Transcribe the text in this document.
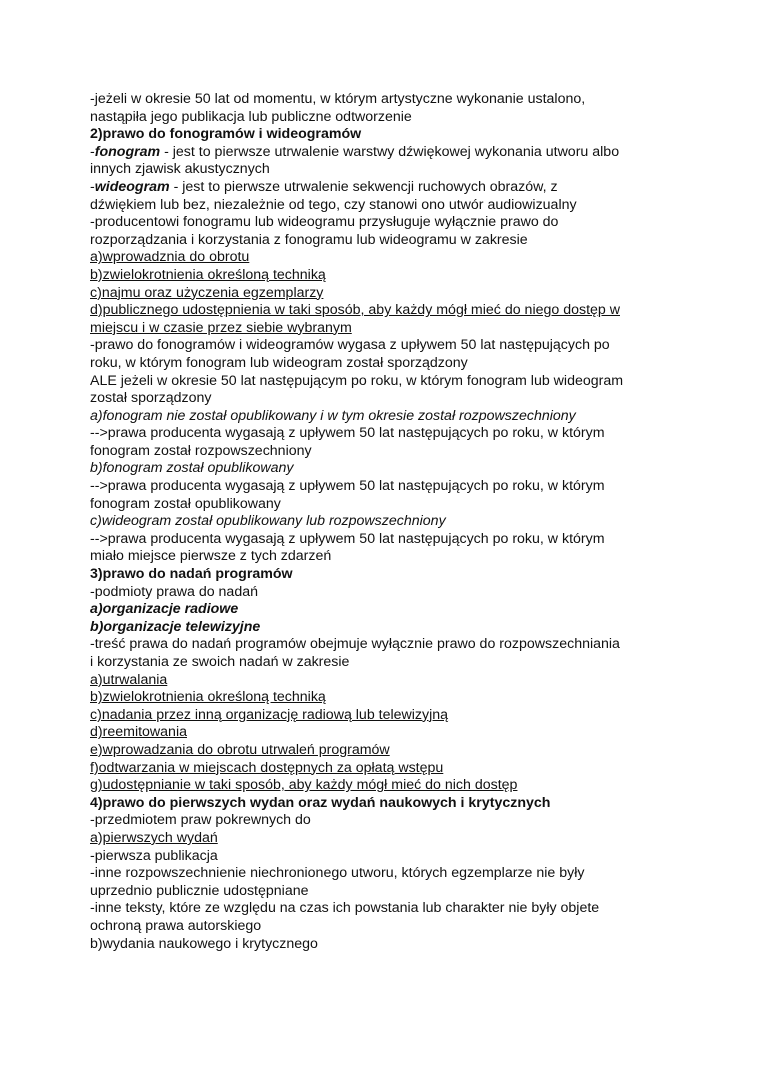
-jeżeli w okresie 50 lat od momentu, w którym artystyczne wykonanie ustalono,
nastąpiła jego publikacja lub publiczne odtworzenie
2)prawo do fonogramów i wideogramów
-fonogram - jest to pierwsze utrwalenie warstwy dźwiękowej wykonania utworu albo
innych zjawisk akustycznych
-wideogram - jest to pierwsze utrwalenie sekwencji ruchowych obrazów, z
dźwiękiem lub bez, niezależnie od tego, czy stanowi ono utwór audiowizualny
-producentowi fonogramu lub wideogramu przysługuje wyłącznie prawo do
rozporządzania i korzystania z fonogramu lub wideogramu w zakresie
a)wprowadznia do obrotu
b)zwielokrotnienia określoną techniką
c)najmu oraz użyczenia egzemplarzy
d)publicznego udostępnienia w taki sposób, aby każdy mógł mieć do niego dostęp w
miejscu i w czasie przez siebie wybranym
-prawo do fonogramów i wideogramów wygasa z upływem 50 lat następujących po
roku, w którym fonogram lub wideogram został sporządzony
ALE jeżeli w okresie 50 lat następującym po roku, w którym fonogram lub wideogram
został sporządzony
a)fonogram nie został opublikowany i w tym okresie został rozpowszechniony
-->prawa producenta wygasają z upływem 50 lat następujących po roku, w którym
fonogram został rozpowszechniony
b)fonogram został opublikowany
-->prawa producenta wygasają z upływem 50 lat następujących po roku, w którym
fonogram został opublikowany
c)wideogram został opublikowany lub rozpowszechniony
-->prawa producenta wygasają z upływem 50 lat następujących po roku, w którym
miało miejsce pierwsze z tych zdarzeń
3)prawo do nadań programów
-podmioty prawa do nadań
a)organizacje radiowe
b)organizacje telewizyjne
-treść prawa do nadań programów obejmuje wyłącznie prawo do rozpowszechniania
i korzystania ze swoich nadań w zakresie
a)utrwalania
b)zwielokrotnienia określoną techniką
c)nadania przez inną organizację radiową lub telewizyjną
d)reemitowania
e)wprowadzania do obrotu utrwaleń programów
f)odtwarzania w miejscach dostępnych za opłatą wstępu
g)udostępnianie w taki sposób, aby każdy mógł mieć do nich dostęp
4)prawo do pierwszych wydan oraz wydań naukowych i krytycznych
-przedmiotem praw pokrewnych do
a)pierwszych wydań
-pierwsza publikacja
-inne rozpowszechnienie niechronionego utworu, których egzemplarze nie były
uprzednio publicznie udostępniane
-inne teksty, które ze względu na czas ich powstania lub charakter nie były objete
ochroną prawa autorskiego
b)wydania naukowego i krytycznego
